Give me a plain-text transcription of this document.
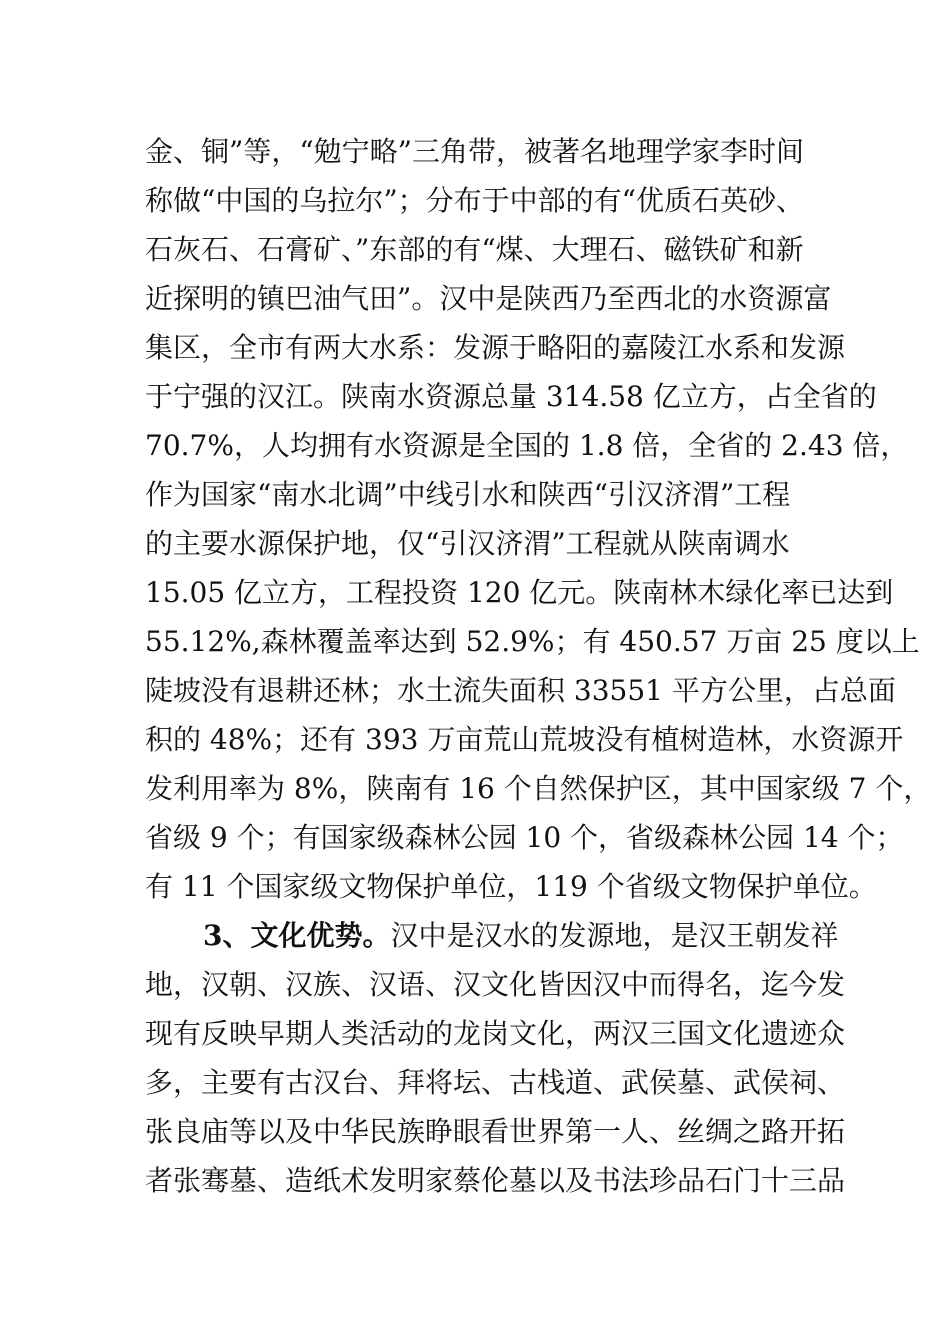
金、铜”等，“勉宁略”三角带，被著名地理学家李时间
称做“中国的乌拉尔”；分布于中部的有“优质石英砂、
石灰石、石膏矿、”东部的有“煤、大理石、磁铁矿和新
近探明的镇巴油气田”。汉中是陕西乃至西北的水资源富
集区，全市有两大水系：发源于略阳的嘉陵江水系和发源
于宁强的汉江。陕南水资源总量 314.58 亿立方，占全省的
70.7%，人均拥有水资源是全国的 1.8 倍，全省的 2.43 倍，
作为国家“南水北调”中线引水和陕西“引汉济渭”工程
的主要水源保护地，仅“引汉济渭”工程就从陕南调水
15.05 亿立方，工程投资 120 亿元。陕南林木绿化率已达到
55.12%,森林覆盖率达到 52.9%；有 450.57 万亩 25 度以上
陡坡没有退耕还林；水土流失面积 33551 平方公里，占总面
积的 48%；还有 393 万亩荒山荒坡没有植树造林，水资源开
发利用率为 8%，陕南有 16 个自然保护区，其中国家级 7 个，
省级 9 个；有国家级森林公园 10 个，省级森林公园 14 个；
有 11 个国家级文物保护单位，119 个省级文物保护单位。
3、文化优势。汉中是汉水的发源地，是汉王朝发祥
地，汉朝、汉族、汉语、汉文化皆因汉中而得名，迄今发
现有反映早期人类活动的龙岗文化，两汉三国文化遗迹众
多，主要有古汉台、拜将坛、古栈道、武侯墓、武侯祠、
张良庙等以及中华民族睁眼看世界第一人、丝绸之路开拓
者张骞墓、造纸术发明家蔡伦墓以及书法珍品石门十三品
